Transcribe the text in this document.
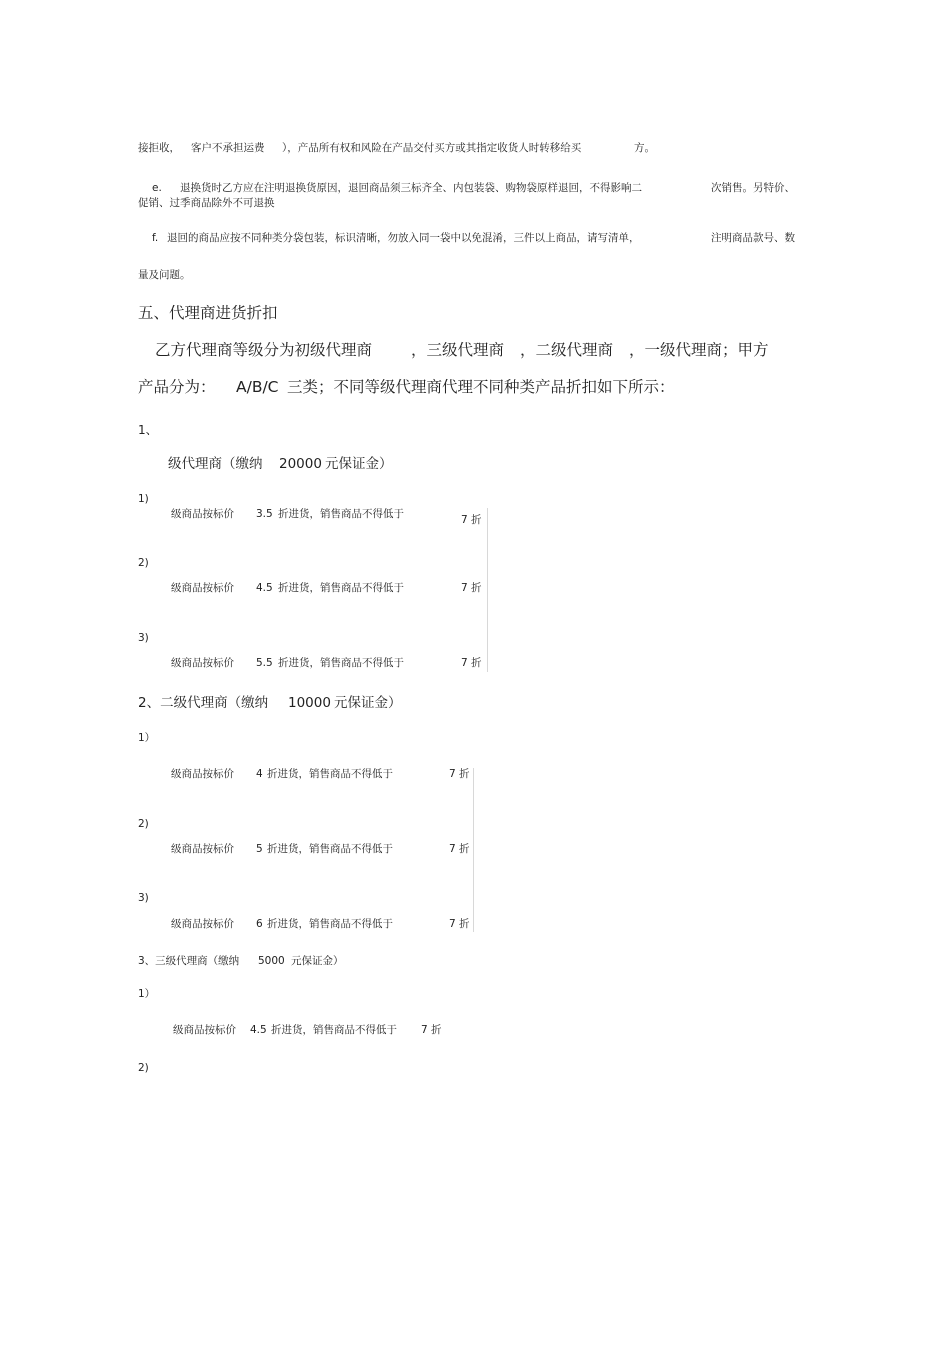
接拒收， 客户不承担运费 ），产品所有权和风险在产品交付买方或其指定收货人时转移给买	方。
e. 退换货时乙方应在注明退换货原因，退回商品须三标齐全、内包装袋、购物袋原样退回，不得影响二	次销售。另特价、
促销、过季商品除外不可退换
f. 退回的商品应按不同种类分袋包装，标识清晰，勿放入同一袋中以免混淆，三件以上商品，请写清单，	注明商品款号、数
量及问题。
五、代理商进货折扣
乙方代理商等级分为初级代理商	，三级代理商 ，二级代理商 ，一级代理商；甲方
产品分为： A/B/C 三类；不同等级代理商代理不同种类产品折扣如下所示：
1、
级代理商（缴纳 20000 元保证金）
1)
级商品按标价 3.5 折进货，销售商品不得低于	7 折
2)
级商品按标价 4.5 折进货，销售商品不得低于	7 折
3)
级商品按标价 5.5 折进货，销售商品不得低于	7 折
2、二级代理商（缴纳 10000 元保证金）
1）
级商品按标价 4 折进货，销售商品不得低于	7 折
2)
级商品按标价 5 折进货，销售商品不得低于	7 折
3)
级商品按标价 6 折进货，销售商品不得低于	7 折
3、三级代理商（缴纳 5000 元保证金）
1）
级商品按标价 4.5 折进货，销售商品不得低于 7 折
2)
